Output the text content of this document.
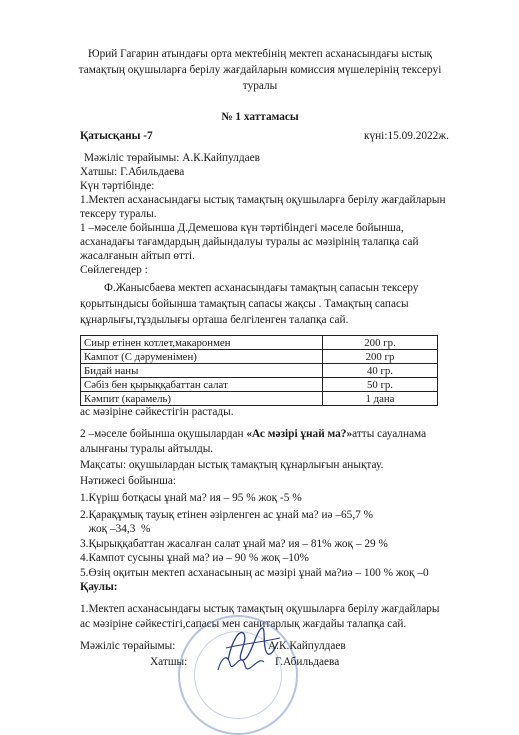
Юрий Гагарин атындағы орта мектебінің мектеп асханасындағы ыстық
тамақтың оқушыларға берілу жағдайларын комиссия мүшелерінің тексеруі
туралы
№ 1 хаттамасы
Қатысқаны -7	күні:15.09.2022ж.
Мәжіліс төрайымы: А.К.Кайпулдаев
Хатшы: Г.Абильдаева
Күн тәртібінде:
1.Мектеп асханасындағы ыстық тамақтың оқушыларға берілу жағдайларын
тексеру туралы.
1 –мәселе бойынша Д.Демешова күн тәртібіндегі мәселе бойынша,
асханадағы тағамдардың дайындалуы туралы ас мәзірінің талапқа сай
жасалғанын айтып өтті.
Сөйлегендер :
Ф.Жаныcбаева мектеп асханасындағы тамақтың сапасын тексеру
қорытындысы бойынша тамақтың сапасы жақсы . Тамақтың сапасы
құнарлығы,тұздылығы орташа белгіленген талапқа сай.
Сиыр етінен котлет,макаронмен	200 гр.
Кампот (С дәруменімен)	200 гр
Бидай наны	40 гр.
Сәбіз бен қырыққабаттан салат	50 гр.
Кәмпит (карамель)	1 дана
ас мәзіріне сәйкестігін растады.
2 –мәселе бойынша оқушылардан «Ас мәзірі ұнай ма?»атты сауалнама
алынғаны туралы айтылды.
Мақсаты: оқушылардан ыстық тамақтың құнарлығын анықтау.
Нәтижесі бойынша:
1.Күріш ботқасы ұнай ма? ия – 95 % жоқ -5 %
2.Қарақұмық тауық етінен әзірленген ас ұнай ма? иә –65,7 %
жоқ –34,3  %
3.Қырыққабаттан жасалған салат ұнай ма? ия – 81% жоқ – 29 %
4.Кампот сусыны ұнай ма? иә – 90 % жоқ –10%
5.Өзің оқитын мектеп асханасының ас мәзірі ұнай ма?иә – 100 % жоқ –0
Қаулы:
1.Мектеп асханасындағы ыстық тамақтың оқушыларға берілу жағдайлары
ас мәзіріне сәйкестігі,сапасы мен санитарлық жағдайы талапқа сай.
Мәжіліс төрайымы:	А.К.Кайпулдаев
Хатшы:	Г.Абильдаева
